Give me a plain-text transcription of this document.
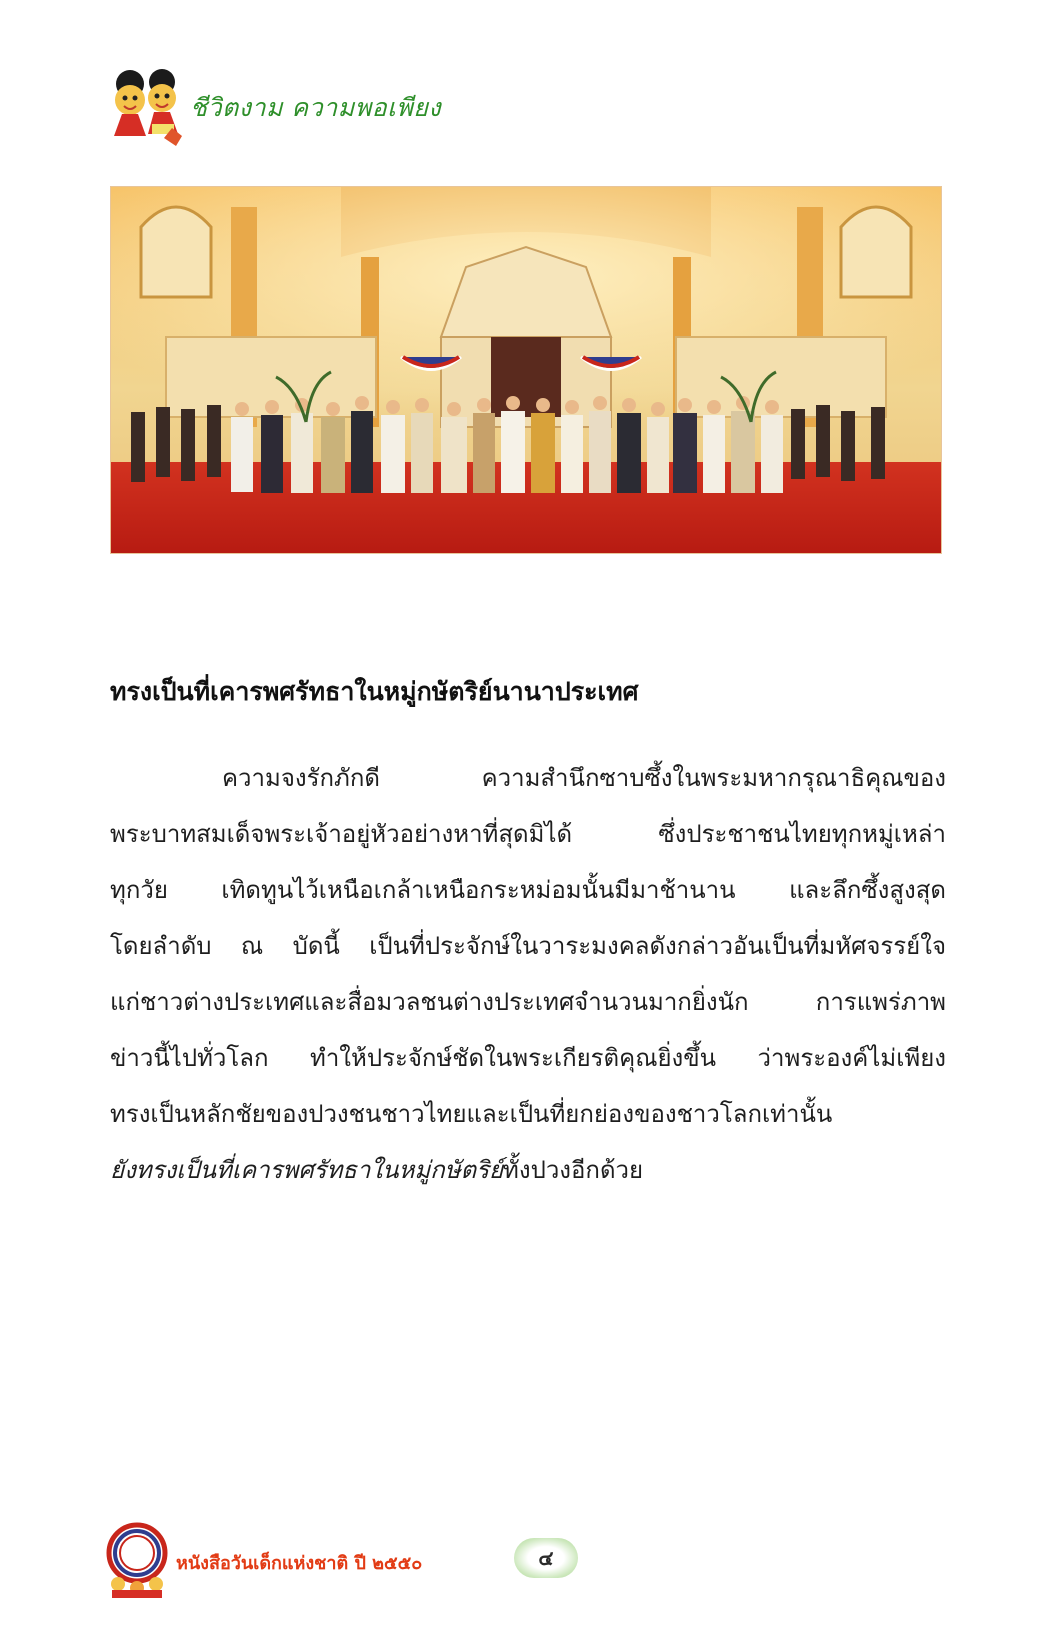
ชีวิตงาม ความพอเพียง
ทรงเป็นที่เคารพศรัทธาในหมู่กษัตริย์นานาประเทศ
ความจงรักภักดี ความสำนึกซาบซึ้งในพระมหากรุณาธิคุณของ
พระบาทสมเด็จพระเจ้าอยู่หัวอย่างหาที่สุดมิได้ ซึ่งประชาชนไทยทุกหมู่เหล่า
ทุกวัย เทิดทูนไว้เหนือเกล้าเหนือกระหม่อมนั้นมีมาช้านาน และลึกซึ้งสูงสุด
โดยลำดับ ณ บัดนี้ เป็นที่ประจักษ์ในวาระมงคลดังกล่าวอันเป็นที่มหัศจรรย์ใจ
แก่ชาวต่างประเทศและสื่อมวลชนต่างประเทศจำนวนมากยิ่งนัก การแพร่ภาพ
ข่าวนี้ไปทั่วโลก ทำให้ประจักษ์ชัดในพระเกียรติคุณยิ่งขึ้น ว่าพระองค์ไม่เพียง
ทรงเป็นหลักชัยของปวงชนชาวไทยและเป็นที่ยกย่องของชาวโลกเท่านั้น
ยังทรงเป็นที่เคารพศรัทธาในหมู่กษัตริย์ทั้งปวงอีกด้วย
หนังสือวันเด็กแห่งชาติ ปี ๒๕๕๐	๔
